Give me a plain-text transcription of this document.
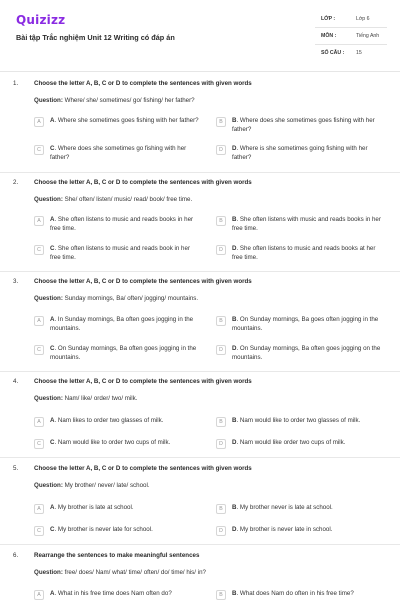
Quizizz
Bài tập Trắc nghiệm Unit 12 Writing có đáp án
LỚP :	Lớp 6
MÔN :	Tiếng Anh
SỐ CÂU : 15
1.	Choose the letter A, B, C or D to complete the sentences with given words
Question: Where/ she/ sometimes/ go/ fishing/ her father?
A	A. Where she sometimes goes fishing with her father?	B	B. Where does she sometimes goes fishing with her father?
C	C. Where does she sometimes go fishing with her father?
D	D. Where is she sometimes going fishing with her father?
2.	Choose the letter A, B, C or D to complete the sentences with given words
Question: She/ often/ listen/ music/ read/ book/ free time.
A	A. She often listens to music and reads books in her free time.
B	B. She often listens with music and reads books in her free time.
C	C. She often listens to music and reads book in her free time.
D	D. She often listens to music and reads books at her free time.
3.	Choose the letter A, B, C or D to complete the sentences with given words
Question: Sunday mornings, Ba/ often/ jogging/ mountains.
A	A. In Sunday mornings, Ba often goes jogging in the mountains.
B	B. On Sunday mornings, Ba goes often jogging in the mountains.
C	C. On Sunday mornings, Ba often goes jogging in the mountains.
D	D. On Sunday mornings, Ba often goes jogging on the mountains.
4.	Choose the letter A, B, C or D to complete the sentences with given words
Question: Nam/ like/ order/ two/ milk.
A	A. Nam likes to order two glasses of milk.	B	B. Nam would like to order two glasses of milk.
C	C. Nam would like to order two cups of milk.	D	D. Nam would like order two cups of milk.
5.	Choose the letter A, B, C or D to complete the sentences with given words
Question: My brother/ never/ late/ school.
A	A. My brother is late at school.	B	B. My brother never is late at school.
C	C. My brother is never late for school.	D	D. My brother is never late in school.
6.	Rearrange the sentences to make meaningful sentences
Question: free/ does/ Nam/ what/ time/ often/ do/ time/ his/ in?
A	A. What in his free time does Nam often do?	B	B. What does Nam do often in his free time?
